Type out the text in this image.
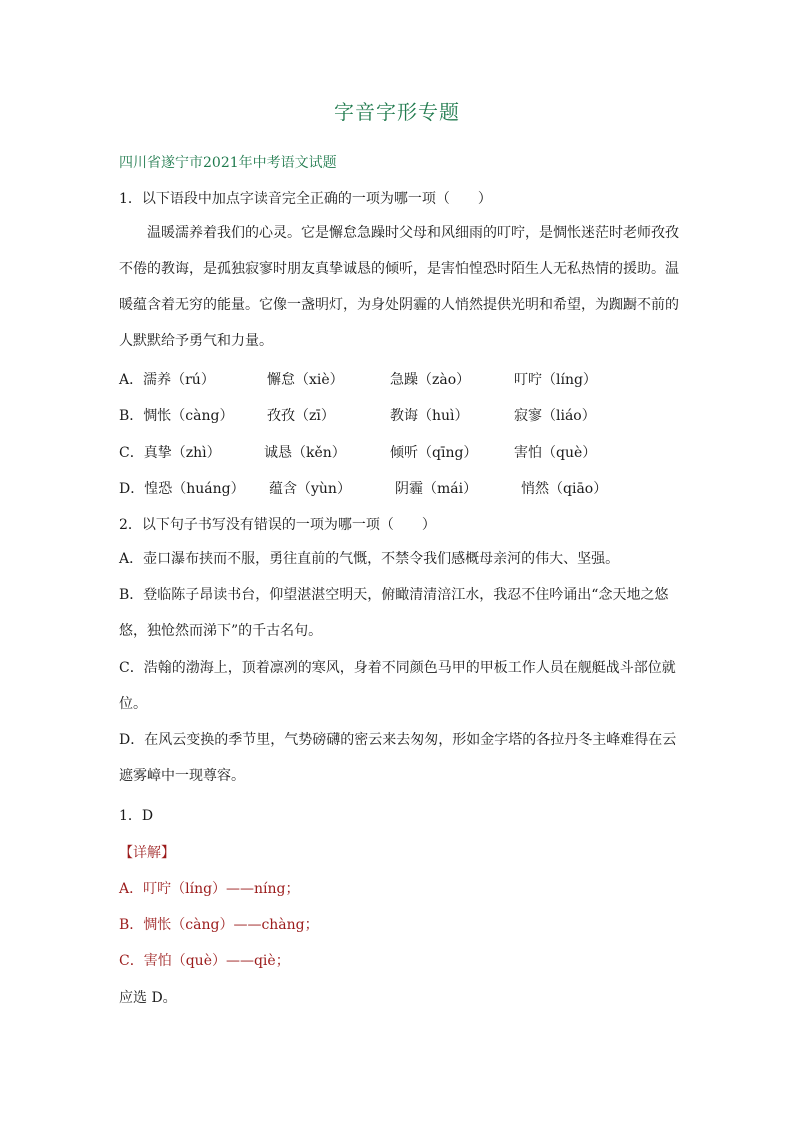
字音字形专题
四川省遂宁市2021年中考语文试题
1．以下语段中加点字读音完全正确的一项为哪一项（　　）
温暖濡养着我们的心灵。它是懈怠急躁时父母和风细雨的叮咛，是惆怅迷茫时老师孜孜不倦的教诲，是孤独寂寥时朋友真挚诚恳的倾听，是害怕惶恐时陌生人无私热情的援助。温暖蕴含着无穷的能量。它像一盏明灯，为身处阴霾的人悄然提供光明和希望，为踟蹰不前的人默默给予勇气和力量。
A．濡养（rú）	懈怠（xiè）	急躁（zào）	叮咛（líng）
B．惆怅（càng） 孜孜（zī）	教诲（huì）	寂寥（liáo）
C．真挚（zhì）	诚恳（kěn）	倾听（qīng）	害怕（què）
D．惶恐（huáng） 蕴含（yùn）	阴霾（mái）	悄然（qiāo）
2．以下句子书写没有错误的一项为哪一项（　　）
A．壶口瀑布挟而不服，勇往直前的气慨，不禁令我们感概母亲河的伟大、坚强。
B．登临陈子昂读书台，仰望湛湛空明天，俯瞰清清涪江水，我忍不住吟诵出“念天地之悠悠，独怆然而涕下”的千古名句。
C．浩翰的渤海上，顶着凛冽的寒风，身着不同颜色马甲的甲板工作人员在舰艇战斗部位就位。
D．在风云变换的季节里，气势磅礴的密云来去匆匆，形如金字塔的各拉丹冬主峰难得在云遮雾嶂中一现尊容。
1．D
【详解】
A．叮咛（líng）——níng；
B．惆怅（càng）——chàng；
C．害怕（què）——qiè；
应选 D。
